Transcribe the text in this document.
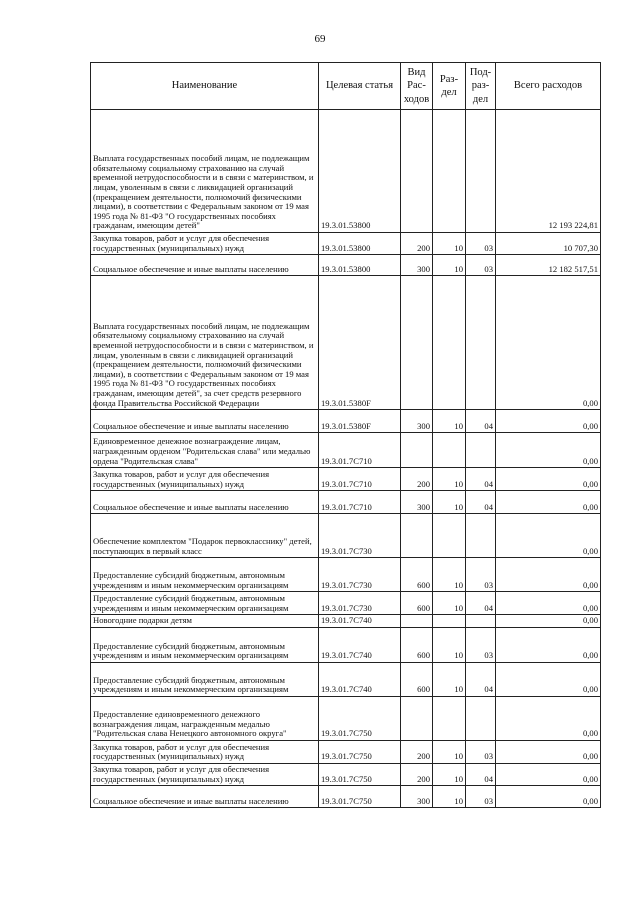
69
Наименование	Целевая статья	Вид Рас-ходов	Раз-дел	Под-раз-дел	Всего расходов
Выплата государственных пособий лицам, не подлежащим обязательному социальному страхованию на случай временной нетрудоспособности и в связи с материнством, и лицам, уволенным в связи с ликвидацией организаций (прекращением деятельности, полномочий физическими лицами), в соответствии с Федеральным законом от 19 мая 1995 года № 81-ФЗ "О государственных пособиях гражданам, имеющим детей"	19.3.01.53800				12 193 224,81
Закупка товаров, работ и услуг для обеспечения государственных (муниципальных) нужд	19.3.01.53800	200	10	03	10 707,30
Социальное обеспечение и иные выплаты населению	19.3.01.53800	300	10	03	12 182 517,51
Выплата государственных пособий лицам, не подлежащим обязательному социальному страхованию на случай временной нетрудоспособности и в связи с материнством, и лицам, уволенным в связи с ликвидацией организаций (прекращением деятельности, полномочий физическими лицами), в соответствии с Федеральным законом от 19 мая 1995 года № 81-ФЗ "О государственных пособиях гражданам, имеющим детей", за счет средств резервного фонда Правительства Российской Федерации	19.3.01.5380F				0,00
Социальное обеспечение и иные выплаты населению	19.3.01.5380F	300	10	04	0,00
Единовременное денежное вознаграждение лицам, награжденным орденом "Родительская слава" или медалью ордена "Родительская слава"	19.3.01.7С710				0,00
Закупка товаров, работ и услуг для обеспечения государственных (муниципальных) нужд	19.3.01.7С710	200	10	04	0,00
Социальное обеспечение и иные выплаты населению	19.3.01.7С710	300	10	04	0,00
Обеспечение комплектом "Подарок первокласснику" детей, поступающих в первый класс	19.3.01.7С730				0,00
Предоставление субсидий бюджетным, автономным учреждениям и иным некоммерческим организациям	19.3.01.7С730	600	10	03	0,00
Предоставление субсидий бюджетным, автономным учреждениям и иным некоммерческим организациям	19.3.01.7С730	600	10	04	0,00
Новогодние подарки детям	19.3.01.7С740				0,00
Предоставление субсидий бюджетным, автономным учреждениям и иным некоммерческим организациям	19.3.01.7С740	600	10	03	0,00
Предоставление субсидий бюджетным, автономным учреждениям и иным некоммерческим организациям	19.3.01.7С740	600	10	04	0,00
Предоставление единовременного денежного вознаграждения лицам, награжденным медалью "Родительская слава Ненецкого автономного округа"	19.3.01.7С750				0,00
Закупка товаров, работ и услуг для обеспечения государственных (муниципальных) нужд	19.3.01.7С750	200	10	03	0,00
Закупка товаров, работ и услуг для обеспечения государственных (муниципальных) нужд	19.3.01.7С750	200	10	04	0,00
Социальное обеспечение и иные выплаты населению	19.3.01.7С750	300	10	03	0,00
